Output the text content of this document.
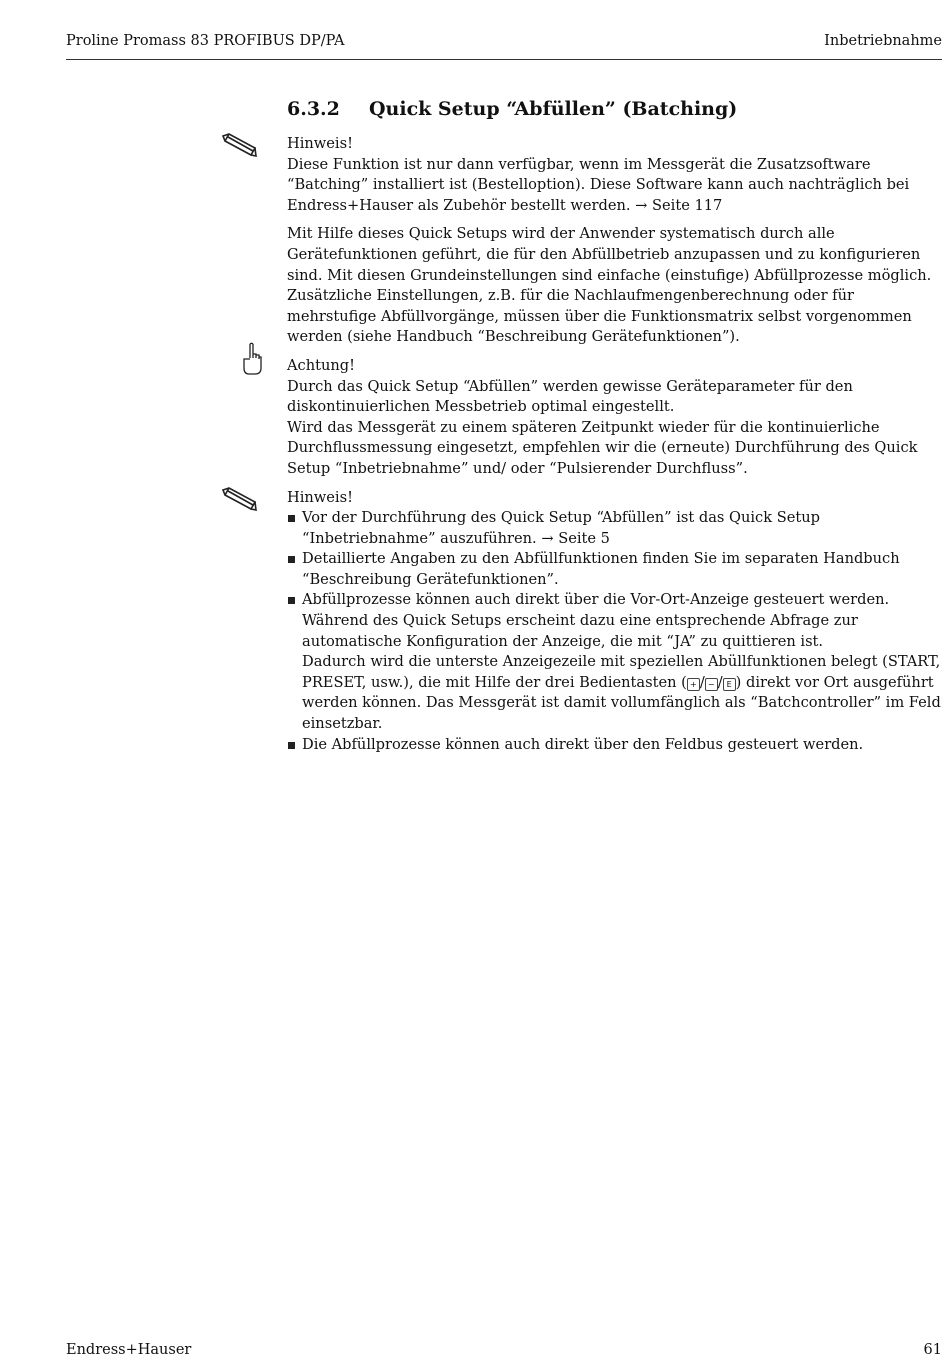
Proline Promass 83 PROFIBUS DP/PA	Inbetriebnahme
6.3.2 Quick Setup “Abfüllen” (Batching)

Hinweis!

Diese Funktion ist nur dann verfügbar, wenn im Messgerät die Zusatzsoftware “Batching” installiert ist (Bestelloption). Diese Software kann auch nachträglich bei Endress+Hauser als Zubehör bestellt werden. → Seite 117

Mit Hilfe dieses Quick Setups wird der Anwender systematisch durch alle Gerätefunktionen geführt, die für den Abfüllbetrieb anzupassen und zu konfigurieren sind. Mit diesen Grundeinstellungen sind einfache (einstufige) Abfüllprozesse möglich.

Zusätzliche Einstellungen, z.B. für die Nachlaufmengenberechnung oder für mehrstufige Abfüllvorgänge, müssen über die Funktionsmatrix selbst vorgenommen werden (siehe Handbuch “Beschreibung Gerätefunktionen”).

Achtung!

Durch das Quick Setup “Abfüllen” werden gewisse Geräteparameter für den diskontinuierlichen Messbetrieb optimal eingestellt.

Wird das Messgerät zu einem späteren Zeitpunkt wieder für die kontinuierliche Durchflussmessung eingesetzt, empfehlen wir die (erneute) Durchführung des Quick Setup “Inbetriebnahme” und/ oder “Pulsierender Durchfluss”.

Hinweis!

Vor der Durchführung des Quick Setup “Abfüllen” ist das Quick Setup “Inbetriebnahme” auszuführen. → Seite 5
Detaillierte Angaben zu den Abfüllfunktionen finden Sie im separaten Handbuch “Beschreibung Gerätefunktionen”.
Abfüllprozesse können auch direkt über die Vor-Ort-Anzeige gesteuert werden. Während des Quick Setups erscheint dazu eine entsprechende Abfrage zur automatische Konfiguration der Anzeige, die mit “JA” zu quittieren ist.
Dadurch wird die unterste Anzeigezeile mit speziellen Abüllfunktionen belegt (START, PRESET, usw.), die mit Hilfe der drei Bedientasten ( + / − / E ) direkt vor Ort ausgeführt werden können. Das Messgerät ist damit vollumfänglich als “Batchcontroller” im Feld einsetzbar.
Die Abfüllprozesse können auch direkt über den Feldbus gesteuert werden.
Endress+Hauser	61
